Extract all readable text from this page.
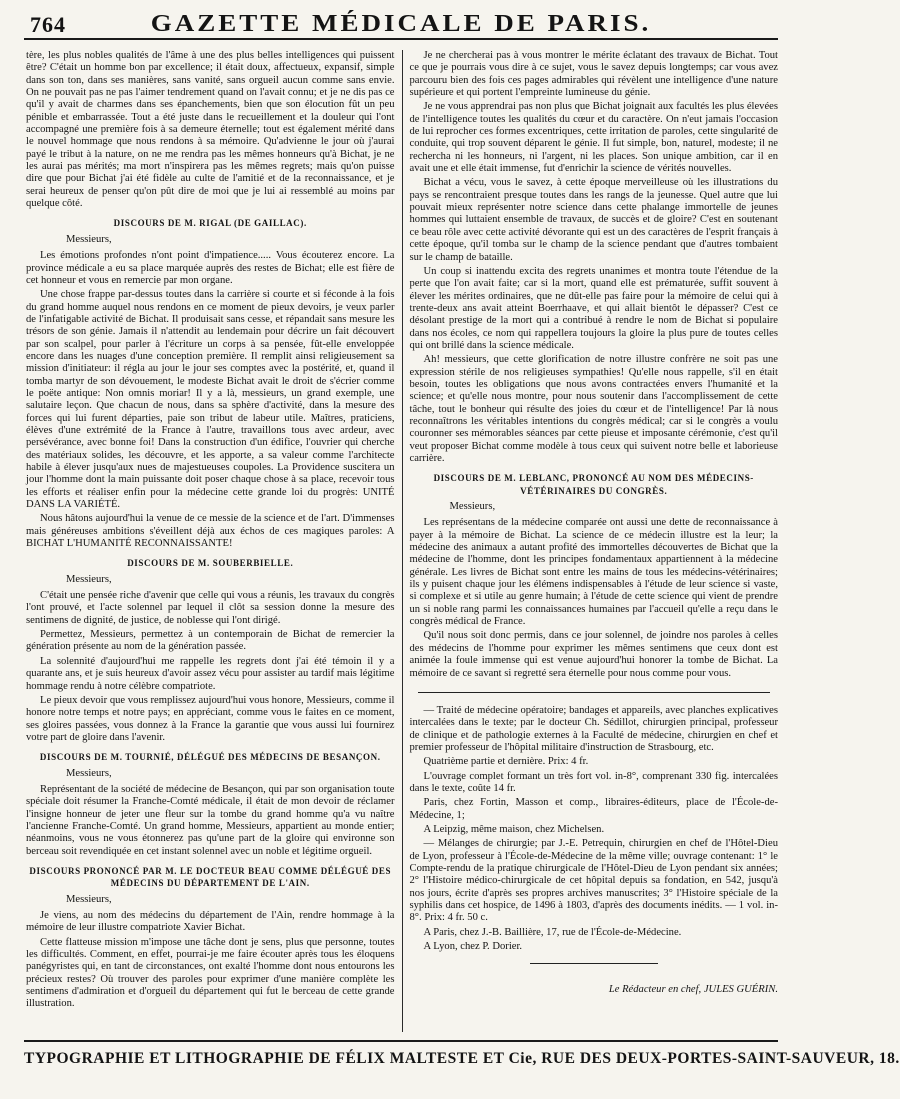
764	GAZETTE MÉDICALE DE PARIS.

tère, les plus nobles qualités de l'âme à une des plus belles intelligences qui puissent être? C'était un homme bon par excellence; il était doux, affectueux, expansif, simple dans son ton, dans ses manières, sans vanité, sans orgueil aucun comme sans envie. On ne pouvait pas ne pas l'aimer tendrement quand on l'avait connu; et je ne dis pas ce qu'il y avait de charmes dans ses épanchements, bien que son élocution fût un peu pénible et embarrassée. Tout a été juste dans le recueillement et la douleur qui l'ont accompagné une première fois à sa demeure éternelle; tout est également mérité dans le nouvel hommage que nous rendons à sa mémoire. Qu'advienne le jour où j'aurai payé le tribut à la nature, on ne me rendra pas les mêmes honneurs qu'à Bichat, je ne les aurai pas mérités; ma mort n'inspirera pas les mêmes regrets; mais qu'on puisse dire que pour Bichat j'ai été fidèle au culte de l'amitié et de la reconnaissance, et je serai heureux de penser qu'on pût dire de moi que je lui ai ressemblé au moins par quelque côté.

DISCOURS DE M. RIGAL (DE GAILLAC).

Messieurs,

Les émotions profondes n'ont point d'impatience..... Vous écouterez encore. La province médicale a eu sa place marquée auprès des restes de Bichat; elle est fière de cet honneur et vous en remercie par mon organe.

Une chose frappe par-dessus toutes dans la carrière si courte et si féconde à la fois du grand homme auquel nous rendons en ce moment de pieux devoirs, je veux parler de l'infatigable activité de Bichat. Il produisait sans cesse, et répandait sans mesure les trésors de son génie. Jamais il n'attendit au lendemain pour décrire un fait découvert par son scalpel, pour parler à l'écriture un corps à sa pensée, fût-elle enveloppée encore dans les nuages d'une conception première. Il remplit ainsi religieusement sa mission d'initiateur: il régla au jour le jour ses comptes avec la postérité, et, quand il tomba martyr de son dévouement, le modeste Bichat avait le droit de s'écrier comme le poëte antique: Non omnis moriar! Il y a là, messieurs, un grand exemple, une salutaire leçon. Que chacun de nous, dans sa sphère d'activité, dans la mesure des forces qui lui furent départies, paie son tribut de labeur utile. Maîtres, praticiens, élèves d'une extrémité de la France à l'autre, travaillons tous avec ardeur, avec persévérance, avec bonne foi! Dans la construction d'un édifice, l'ouvrier qui cherche des matériaux solides, les découvre, et les apporte, a sa valeur comme l'architecte habile à élever jusqu'aux nues de majestueuses coupoles. La Providence suscitera un jour l'homme dont la main puissante doit poser chaque chose à sa place, recevoir tous les efforts et réaliser enfin pour la médecine cette grande loi du progrès: UNITÉ DANS LA VARIÉTÉ.

Nous hâtons aujourd'hui la venue de ce messie de la science et de l'art. D'immenses mais généreuses ambitions s'éveillent déjà aux échos de ces magiques paroles: A BICHAT L'HUMANITÉ RECONNAISSANTE!

DISCOURS DE M. SOUBERBIELLE.

Messieurs,

C'était une pensée riche d'avenir que celle qui vous a réunis, les travaux du congrès l'ont prouvé, et l'acte solennel par lequel il clôt sa session donne la mesure des sentimens de dignité, de justice, de noblesse qui l'ont dirigé.

Permettez, Messieurs, permettez à un contemporain de Bichat de remercier la génération présente au nom de la génération passée.

La solennité d'aujourd'hui me rappelle les regrets dont j'ai été témoin il y a quarante ans, et je suis heureux d'avoir assez vécu pour assister au tardif mais légitime hommage rendu à notre célèbre compatriote.

Le pieux devoir que vous remplissez aujourd'hui vous honore, Messieurs, comme il honore notre temps et notre pays; en appréciant, comme vous le faites en ce moment, ses gloires passées, vous donnez à la France la garantie que vous aussi lui fournirez votre part de gloire dans l'avenir.

DISCOURS DE M. TOURNIÉ, DÉLÉGUÉ DES MÉDECINS DE BESANÇON.

Messieurs,

Représentant de la société de médecine de Besançon, qui par son organisation toute spéciale doit résumer la Franche-Comté médicale, il était de mon devoir de réclamer l'insigne honneur de jeter une fleur sur la tombe du grand homme qu'a vu naître l'ancienne Franche-Comté. Un grand homme, Messieurs, appartient au monde entier; néanmoins, vous ne vous étonnerez pas qu'une part de la gloire qui environne son berceau soit revendiquée en cet instant solennel avec un noble et légitime orgueil.

DISCOURS PRONONCÉ PAR M. LE DOCTEUR BEAU COMME DÉLÉGUÉ DES MÉDECINS DU DÉPARTEMENT DE L'AIN.

Messieurs,

Je viens, au nom des médecins du département de l'Ain, rendre hommage à la mémoire de leur illustre compatriote Xavier Bichat.

Cette flatteuse mission m'impose une tâche dont je sens, plus que personne, toutes les difficultés. Comment, en effet, pourrai-je me faire écouter après tous les éloquens panégyristes qui, en tant de circonstances, ont exalté l'homme dont nous entourons les précieux restes? Où trouver des paroles pour exprimer d'une manière complète les sentimens d'admiration et d'orgueil du département qui fut le berceau de cette grande illustration.

Je ne chercherai pas à vous montrer le mérite éclatant des travaux de Bichat. Tout ce que je pourrais vous dire à ce sujet, vous le savez depuis longtemps; car vous avez parcouru bien des fois ces pages admirables qui révèlent une intelligence d'une nature supérieure et qui portent l'empreinte lumineuse du génie.

Je ne vous apprendrai pas non plus que Bichat joignait aux facultés les plus élevées de l'intelligence toutes les qualités du cœur et du caractère. On n'eut jamais l'occasion de lui reprocher ces formes excentriques, cette irritation de paroles, cette singularité de conduite, qui trop souvent déparent le génie. Il fut simple, bon, naturel, modeste; il ne rechercha ni les honneurs, ni l'argent, ni les places. Son unique ambition, car il en avait une et elle était immense, fut d'enrichir la science de vérités nouvelles.

Bichat a vécu, vous le savez, à cette époque merveilleuse où les illustrations du pays se rencontraient presque toutes dans les rangs de la jeunesse. Quel autre que lui pouvait mieux représenter notre science dans cette phalange immortelle de jeunes hommes qui luttaient ensemble de travaux, de succès et de gloire? C'est en soutenant ce beau rôle avec cette activité dévorante qui est un des caractères de l'esprit français à cette époque, qu'il tomba sur le champ de la science pendant que d'autres tombaient sur le champ de bataille.

Un coup si inattendu excita des regrets unanimes et montra toute l'étendue de la perte que l'on avait faite; car si la mort, quand elle est prématurée, suffit souvent à élever les mérites ordinaires, que ne dût-elle pas faire pour la mémoire de celui qui à trente-deux ans avait atteint Boerrhaave, et qui allait bientôt le dépasser? C'est ce désolant prestige de la mort qui a contribué à rendre le nom de Bichat si populaire dans nos écoles, ce nom qui rappellera toujours la gloire la plus pure de toutes celles qui ont brillé dans la science médicale.

Ah! messieurs, que cette glorification de notre illustre confrère ne soit pas une expression stérile de nos religieuses sympathies! Qu'elle nous rappelle, s'il en était besoin, toutes les obligations que nous avons contractées envers l'humanité et la science; et qu'elle nous montre, pour nous soutenir dans l'accomplissement de cette tâche, tout le bonheur qui résulte des joies du cœur et de l'intelligence! Par là nous reconnaîtrons les véritables intentions du congrès médical; car si le congrès a voulu couronner ses mémorables séances par cette pieuse et imposante cérémonie, c'est qu'il veut proposer Bichat comme modèle à tous ceux qui suivent notre belle et laborieuse carrière.

DISCOURS DE M. LEBLANC, PRONONCÉ AU NOM DES MÉDECINS-VÉTÉRINAIRES DU CONGRÈS.

Messieurs,

Les représentans de la médecine comparée ont aussi une dette de reconnaissance à payer à la mémoire de Bichat. La science de ce médecin illustre est la leur; la médecine des animaux a autant profité des immortelles découvertes de Bichat que la médecine de l'homme, dont les principes fondamentaux appartiennent à la médecine générale. Les livres de Bichat sont entre les mains de tous les médecins-vétérinaires; ils y puisent chaque jour les élémens indispensables à l'étude de leur science si vaste, si complexe et si utile au genre humain; à l'étude de cette science qui vient de prendre un si noble rang parmi les connaissances humaines par l'accueil qu'elle a reçu dans le congrès médical de France.

Qu'il nous soit donc permis, dans ce jour solennel, de joindre nos paroles à celles des médecins de l'homme pour exprimer les mêmes sentimens que ceux dont est animée la foule immense qui est venue aujourd'hui honorer la tombe de Bichat. La mémoire de ce savant si regretté sera éternelle pour nous comme pour vous.

— Traité de médecine opératoire; bandages et appareils, avec planches explicatives intercalées dans le texte; par le docteur Ch. Sédillot, chirurgien principal, professeur de clinique et de pathologie externes à la Faculté de médecine, chirurgien en chef et premier professeur de l'hôpital militaire d'instruction de Strasbourg, etc.

Quatrième partie et dernière. Prix: 4 fr.

L'ouvrage complet formant un très fort vol. in-8°, comprenant 330 fig. intercalées dans le texte, coûte 14 fr.

Paris, chez Fortin, Masson et comp., libraires-éditeurs, place de l'École-de-Médecine, 1;

A Leipzig, même maison, chez Michelsen.

— Mélanges de chirurgie; par J.-E. Petrequin, chirurgien en chef de l'Hôtel-Dieu de Lyon, professeur à l'École-de-Médecine de la même ville; ouvrage contenant: 1° le Compte-rendu de la pratique chirurgicale de l'Hôtel-Dieu de Lyon pendant six années; 2° l'Histoire médico-chirurgicale de cet hôpital depuis sa fondation, en 542, jusqu'à nos jours, écrite d'après ses propres archives manuscrites; 3° l'Histoire spéciale de la syphilis dans cet hospice, de 1496 à 1803, d'après des documents inédits. — 1 vol. in-8°. Prix: 4 fr. 50 c.

A Paris, chez J.-B. Baillière, 17, rue de l'École-de-Médecine.

A Lyon, chez P. Dorier.

Le Rédacteur en chef, JULES GUÉRIN.

TYPOGRAPHIE ET LITHOGRAPHIE DE FÉLIX MALTESTE ET Cie, RUE DES DEUX-PORTES-SAINT-SAUVEUR, 18.
